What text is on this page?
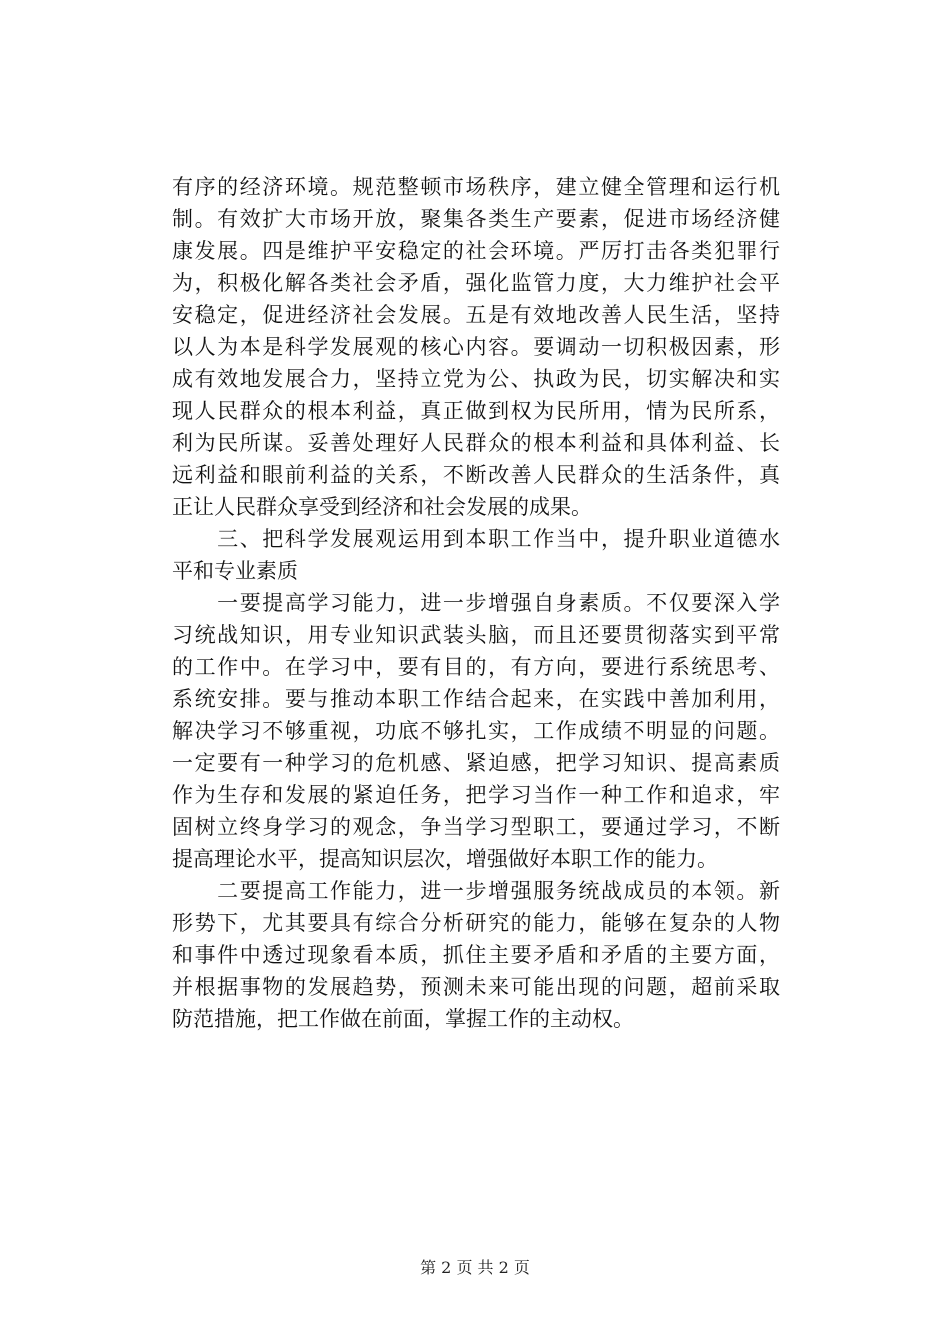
有序的经济环境。规范整顿市场秩序，建立健全管理和运行机
制。有效扩大市场开放，聚集各类生产要素，促进市场经济健
康发展。四是维护平安稳定的社会环境。严厉打击各类犯罪行
为，积极化解各类社会矛盾，强化监管力度，大力维护社会平
安稳定，促进经济社会发展。五是有效地改善人民生活，坚持
以人为本是科学发展观的核心内容。要调动一切积极因素，形
成有效地发展合力，坚持立党为公、执政为民，切实解决和实
现人民群众的根本利益，真正做到权为民所用，情为民所系，
利为民所谋。妥善处理好人民群众的根本利益和具体利益、长
远利益和眼前利益的关系，不断改善人民群众的生活条件，真
正让人民群众享受到经济和社会发展的成果。
　　三、把科学发展观运用到本职工作当中，提升职业道德水
平和专业素质
　　一要提高学习能力，进一步增强自身素质。不仅要深入学
习统战知识，用专业知识武装头脑，而且还要贯彻落实到平常
的工作中。在学习中，要有目的，有方向，要进行系统思考、
系统安排。要与推动本职工作结合起来，在实践中善加利用，
解决学习不够重视，功底不够扎实，工作成绩不明显的问题。
一定要有一种学习的危机感、紧迫感，把学习知识、提高素质
作为生存和发展的紧迫任务，把学习当作一种工作和追求，牢
固树立终身学习的观念，争当学习型职工，要通过学习，不断
提高理论水平，提高知识层次，增强做好本职工作的能力。
　　二要提高工作能力，进一步增强服务统战成员的本领。新
形势下，尤其要具有综合分析研究的能力，能够在复杂的人物
和事件中透过现象看本质，抓住主要矛盾和矛盾的主要方面，
并根据事物的发展趋势，预测未来可能出现的问题，超前采取
防范措施，把工作做在前面，掌握工作的主动权。
第 2 页 共 2 页
